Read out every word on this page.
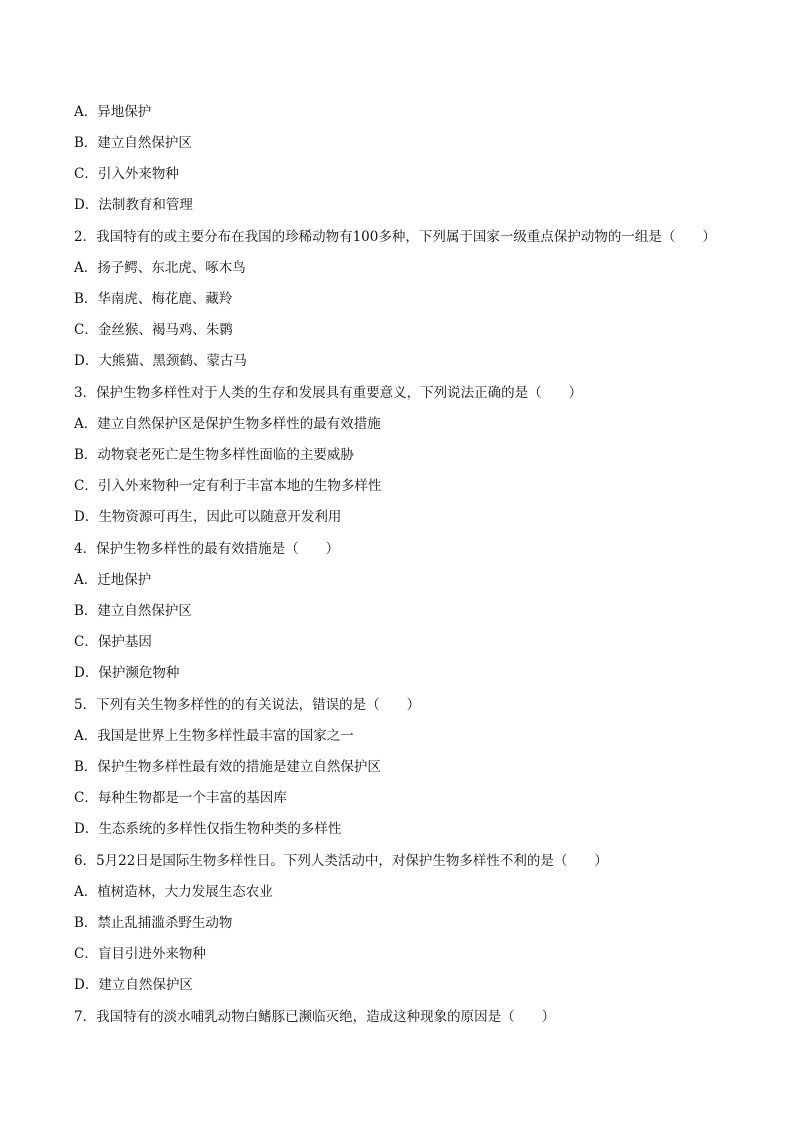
A．异地保护
B．建立自然保护区
C．引入外来物种
D．法制教育和管理
2．我国特有的或主要分布在我国的珍稀动物有100多种，下列属于国家一级重点保护动物的一组是（　　）
A．扬子鳄、东北虎、啄木鸟
B．华南虎、梅花鹿、藏羚
C．金丝猴、褐马鸡、朱鹮
D．大熊猫、黑颈鹤、蒙古马
3．保护生物多样性对于人类的生存和发展具有重要意义，下列说法正确的是（　　）
A．建立自然保护区是保护生物多样性的最有效措施
B．动物衰老死亡是生物多样性面临的主要威胁
C．引入外来物种一定有利于丰富本地的生物多样性
D．生物资源可再生，因此可以随意开发利用
4．保护生物多样性的最有效措施是（　　）
A．迁地保护
B．建立自然保护区
C．保护基因
D．保护濒危物种
5．下列有关生物多样性的的有关说法，错误的是（　　）
A．我国是世界上生物多样性最丰富的国家之一
B．保护生物多样性最有效的措施是建立自然保护区
C．每种生物都是一个丰富的基因库
D．生态系统的多样性仅指生物种类的多样性
6．5月22日是国际生物多样性日。下列人类活动中，对保护生物多样性不利的是（　　）
A．植树造林，大力发展生态农业
B．禁止乱捕滥杀野生动物
C．盲目引进外来物种
D．建立自然保护区
7．我国特有的淡水哺乳动物白鳍豚已濒临灭绝，造成这种现象的原因是（　　）
